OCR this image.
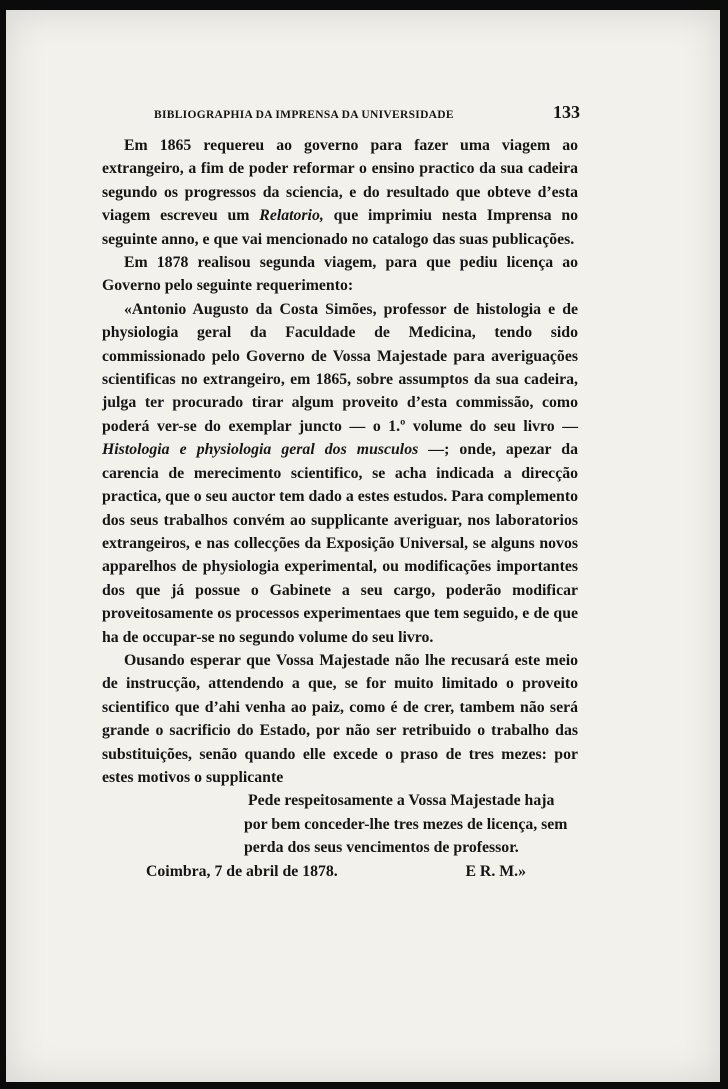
BIBLIOGRAPHIA DA IMPRENSA DA UNIVERSIDADE	133

Em 1865 requereu ao governo para fazer uma viagem ao extrangeiro, a fim de poder reformar o ensino practico da sua cadeira segundo os progressos da sciencia, e do resultado que obteve d’esta viagem escreveu um Relatorio, que imprimiu nesta Imprensa no seguinte anno, e que vai mencionado no catalogo das suas publicações.

Em 1878 realisou segunda viagem, para que pediu licença ao Governo pelo seguinte requerimento:

«Antonio Augusto da Costa Simões, professor de histologia e de physiologia geral da Faculdade de Medicina, tendo sido commissionado pelo Governo de Vossa Majestade para averiguações scientificas no extrangeiro, em 1865, sobre assumptos da sua cadeira, julga ter procurado tirar algum proveito d’esta commissão, como poderá ver-se do exemplar juncto — o 1.º volume do seu livro — Histologia e physiologia geral dos musculos —; onde, apezar da carencia de merecimento scientifico, se acha indicada a direcção practica, que o seu auctor tem dado a estes estudos. Para complemento dos seus trabalhos convém ao supplicante averiguar, nos laboratorios extrangeiros, e nas collecções da Exposição Universal, se alguns novos apparelhos de physiologia experimental, ou modificações importantes dos que já possue o Gabinete a seu cargo, poderão modificar proveitosamente os processos experimentaes que tem seguido, e de que ha de occupar-se no segundo volume do seu livro.

Ousando esperar que Vossa Majestade não lhe recusará este meio de instrucção, attendendo a que, se for muito limitado o proveito scientifico que d’ahi venha ao paiz, como é de crer, tambem não será grande o sacrificio do Estado, por não ser retribuido o trabalho das substituições, senão quando elle excede o praso de tres mezes: por estes motivos o supplicante

Pede respeitosamente a Vossa Majestade haja
por bem conceder-lhe tres mezes de licença, sem
perda dos seus vencimentos de professor.

Coimbra, 7 de abril de 1878.	E R. M.»
